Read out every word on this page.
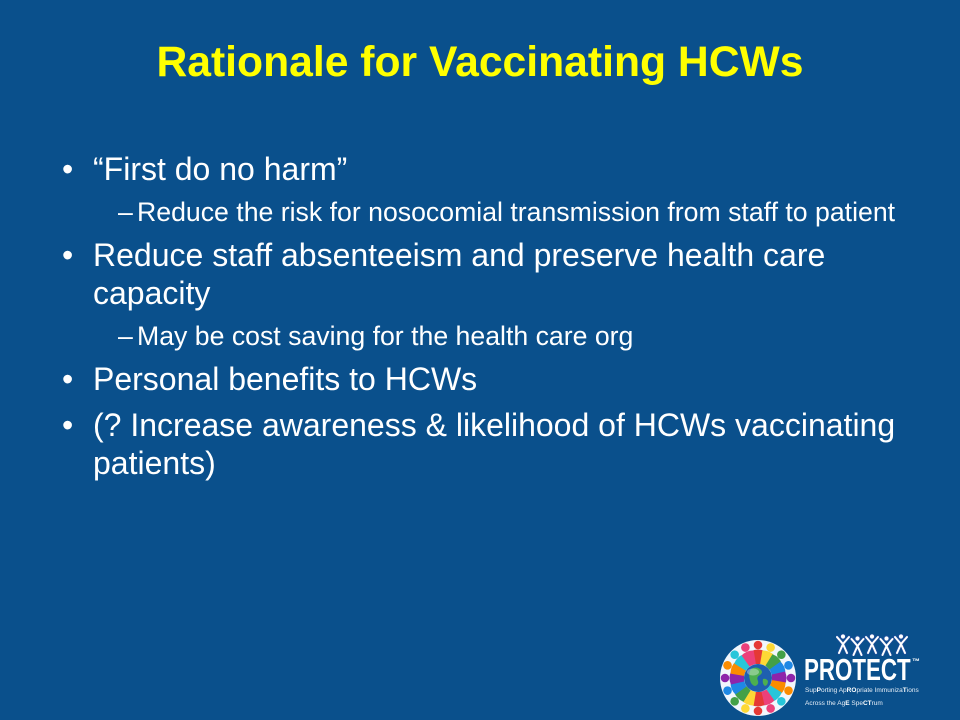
Rationale for Vaccinating HCWs
• “First do no harm”
– Reduce the risk for nosocomial transmission from staff to patient
• Reduce staff absenteeism and preserve health care capacity
– May be cost saving for the health care org
• Personal benefits to HCWs
• (? Increase awareness & likelihood of HCWs vaccinating patients)
PROTECT ™
SupPorting ApROpriate ImmunizaTions
Across the AgE SpeCTrum
